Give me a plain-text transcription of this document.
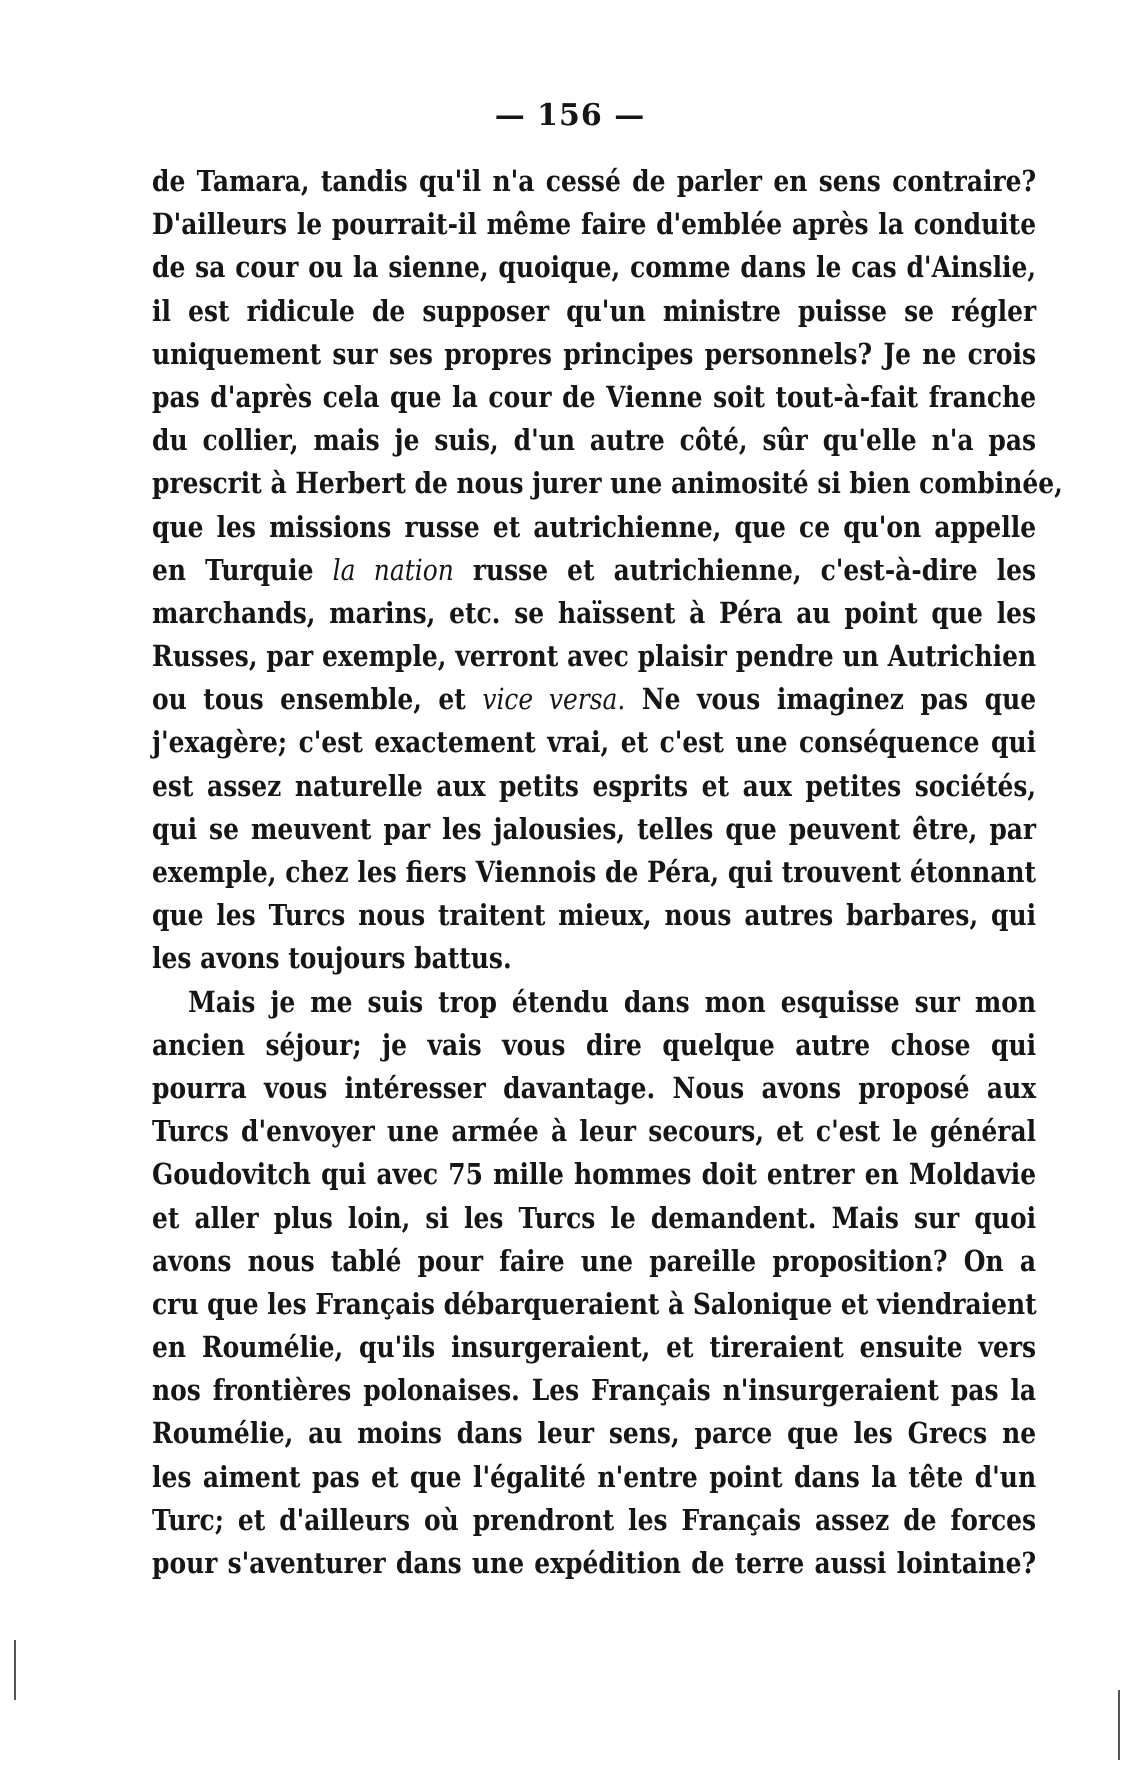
— 156 —
de Tamara, tandis qu'il n'a cessé de parler en sens contraire?
D'ailleurs le pourrait-il même faire d'emblée après la conduite
de sa cour ou la sienne, quoique, comme dans le cas d'Ainslie,
il est ridicule de supposer qu'un ministre puisse se régler
uniquement sur ses propres principes personnels? Je ne crois
pas d'après cela que la cour de Vienne soit tout-à-fait franche
du collier, mais je suis, d'un autre côté, sûr qu'elle n'a pas
prescrit à Herbert de nous jurer une animosité si bien combinée,
que les missions russe et autrichienne, que ce qu'on appelle
en Turquie la nation russe et autrichienne, c'est-à-dire les
marchands, marins, etc. se haïssent à Péra au point que les
Russes, par exemple, verront avec plaisir pendre un Autrichien
ou tous ensemble, et vice versa. Ne vous imaginez pas que
j'exagère; c'est exactement vrai, et c'est une conséquence qui
est assez naturelle aux petits esprits et aux petites sociétés,
qui se meuvent par les jalousies, telles que peuvent être, par
exemple, chez les fiers Viennois de Péra, qui trouvent étonnant
que les Turcs nous traitent mieux, nous autres barbares, qui
les avons toujours battus.
Mais je me suis trop étendu dans mon esquisse sur mon
ancien séjour; je vais vous dire quelque autre chose qui
pourra vous intéresser davantage. Nous avons proposé aux
Turcs d'envoyer une armée à leur secours, et c'est le général
Goudovitch qui avec 75 mille hommes doit entrer en Moldavie
et aller plus loin, si les Turcs le demandent. Mais sur quoi
avons nous tablé pour faire une pareille proposition? On a
cru que les Français débarqueraient à Salonique et viendraient
en Roumélie, qu'ils insurgeraient, et tireraient ensuite vers
nos frontières polonaises. Les Français n'insurgeraient pas la
Roumélie, au moins dans leur sens, parce que les Grecs ne
les aiment pas et que l'égalité n'entre point dans la tête d'un
Turc; et d'ailleurs où prendront les Français assez de forces
pour s'aventurer dans une expédition de terre aussi lointaine?
